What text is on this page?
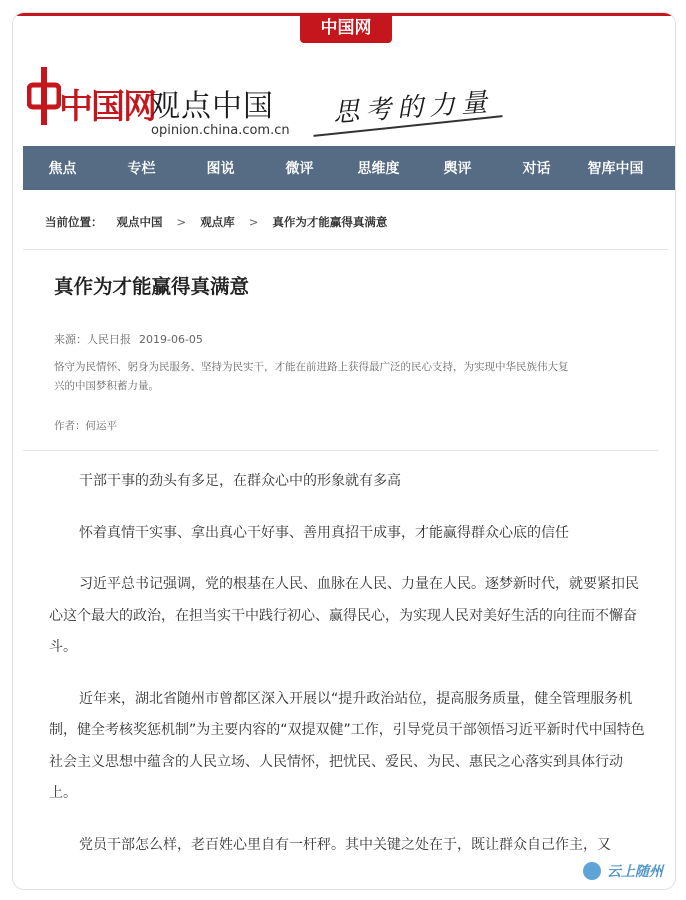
中国网
中国网
观点中国
opinion.china.com.cn
思考的力量
焦点	专栏	图说	微评	思维度	舆评	对话	智库中国
当前位置： 观点中国 > 观点库 > 真作为才能赢得真满意
真作为才能赢得真满意
来源：人民日报 2019-06-05
恪守为民情怀、躬身为民服务、坚持为民实干，才能在前进路上获得最广泛的民心支持，为实现中华民族伟大复兴的中国梦积蓄力量。
作者：何运平

干部干事的劲头有多足，在群众心中的形象就有多高

怀着真情干实事、拿出真心干好事、善用真招干成事，才能赢得群众心底的信任

习近平总书记强调，党的根基在人民、血脉在人民、力量在人民。逐梦新时代，就要紧扣民心这个最大的政治，在担当实干中践行初心、赢得民心，为实现人民对美好生活的向往而不懈奋斗。

近年来，湖北省随州市曾都区深入开展以“提升政治站位，提高服务质量，健全管理服务机制，健全考核奖惩机制”为主要内容的“双提双健”工作，引导党员干部领悟习近平新时代中国特色社会主义思想中蕴含的人民立场、人民情怀，把忧民、爱民、为民、惠民之心落实到具体行动上。

党员干部怎么样，老百姓心里自有一杆秤。其中关键之处在于，既让群众自己作主，又

云上随州
